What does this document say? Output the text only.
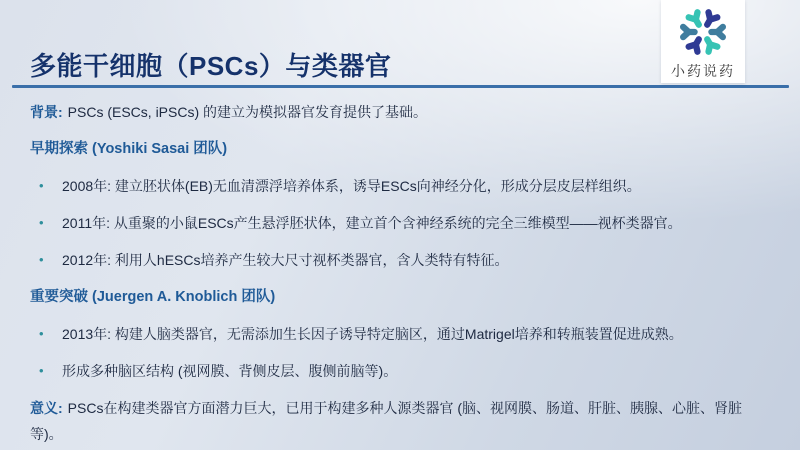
多能干细胞（PSCs）与类器官	小药说药

背景: PSCs (ESCs, iPSCs) 的建立为模拟器官发育提供了基础。

早期探索 (Yoshiki Sasai 团队)
•	2008年: 建立胚状体(EB)无血清漂浮培养体系，诱导ESCs向神经分化，形成分层皮层样组织。
•	2011年: 从重聚的小鼠ESCs产生悬浮胚状体，建立首个含神经系统的完全三维模型——视杯类器官。
•	2012年: 利用人hESCs培养产生较大尺寸视杯类器官，含人类特有特征。
重要突破 (Juergen A. Knoblich 团队)
•	2013年: 构建人脑类器官，无需添加生长因子诱导特定脑区，通过Matrigel培养和转瓶装置促进成熟。
•	形成多种脑区结构 (视网膜、背侧皮层、腹侧前脑等)。

意义: PSCs在构建类器官方面潜力巨大，已用于构建多种人源类器官 (脑、视网膜、肠道、肝脏、胰腺、心脏、肾脏等)。
